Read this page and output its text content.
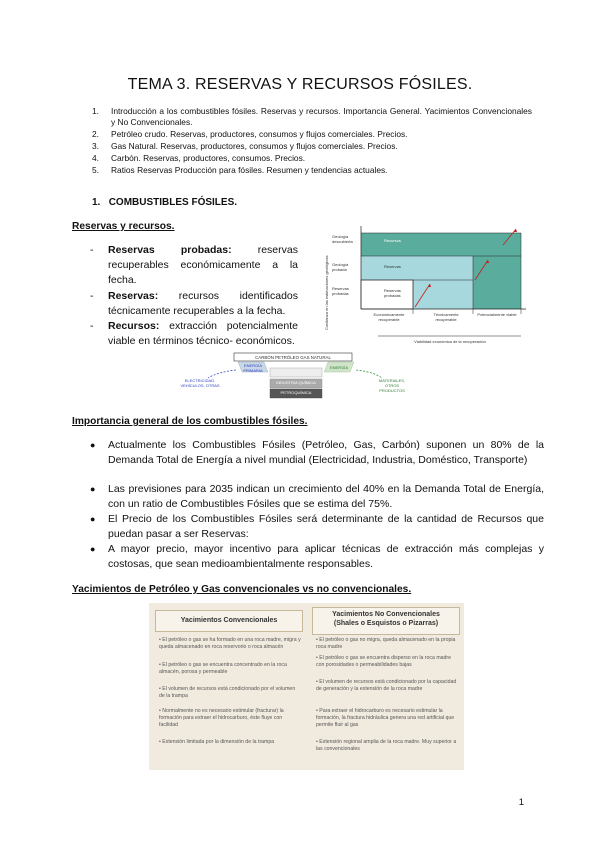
TEMA 3. RESERVAS Y RECURSOS FÓSILES.
1. Introducción a los combustibles fósiles. Reservas y recursos. Importancia General. Yacimientos Convencionales y No Convencionales.
2. Petróleo crudo. Reservas, productores, consumos y flujos comerciales. Precios.
3. Gas Natural. Reservas, productores, consumos y flujos comerciales. Precios.
4. Carbón. Reservas, productores, consumos. Precios.
5. Ratios Reservas Producción para fósiles. Resumen y tendencias actuales.
1. COMBUSTIBLES FÓSILES.
Reservas y recursos.
- Reservas probadas: reservas recuperables económicamente a la fecha.
- Reservas: recursos identificados técnicamente recuperables a la fecha.
- Recursos: extracción potencialmente viable en términos técnico- económicos.
Confianza en las estimaciones geológicas
Geología descubierta
Geología probada
Reservas probadas
Recursos
Reservas
Reservas probadas
Económicamente recuperable
Técnicamente recuperable
Potencialmente viable
Viabilidad económica de la recuperación
CARBÓN PETRÓLEO GAS NATURAL
ELECTRICIDAD, VEHÍCULOS, OTRAS
ENERGÍA PRIMARIA
ENERGÍA
INDUSTRIA QUÍMICA
PETROQUÍMICA
MATERIALES, OTROS PRODUCTOS
Importancia general de los combustibles fósiles.
● Actualmente los Combustibles Fósiles (Petróleo, Gas, Carbón) suponen un 80% de la Demanda Total de Energía a nivel mundial (Electricidad, Industria, Doméstico, Transporte)
● Las previsiones para 2035 indican un crecimiento del 40% en la Demanda Total de Energía, con un ratio de Combustibles Fósiles que se estima del 75%.
● El Precio de los Combustibles Fósiles será determinante de la cantidad de Recursos que puedan pasar a ser Reservas:
● A mayor precio, mayor incentivo para aplicar técnicas de extracción más complejas y costosas, que sean medioambientalmente responsables.
Yacimientos de Petróleo y Gas convencionales vs no convencionales.
Yacimientos Convencionales
Yacimientos No Convencionales
(Shales o Esquistos o Pizarras)
• El petróleo o gas se ha formado en una roca madre, migra y queda almacenado en roca reservorio o roca almacén
• El petróleo o gas se encuentra concentrado en la roca almacén, porosa y permeable
• El volumen de recursos está condicionado por el volumen de la trampa
• Normalmente no es necesario estimular (fracturar) la formación para extraer el hidrocarburo, éste fluye con facilidad
• Extensión limitada por la dimensión de la trampa
• El petróleo o gas no migra, queda almacenado en la propia roca madre
• El petróleo o gas se encuentra disperso en la roca madre con porosidades o permeabilidades bajas
• El volumen de recursos está condicionado por la capacidad de generación y la extensión de la roca madre
• Para extraer el hidrocarburo es necesario estimular la formación, la fractura hidráulica genera una red artificial que permite fluir al gas
• Extensión regional amplia de la roca madre. Muy superior a las convencionales
1
